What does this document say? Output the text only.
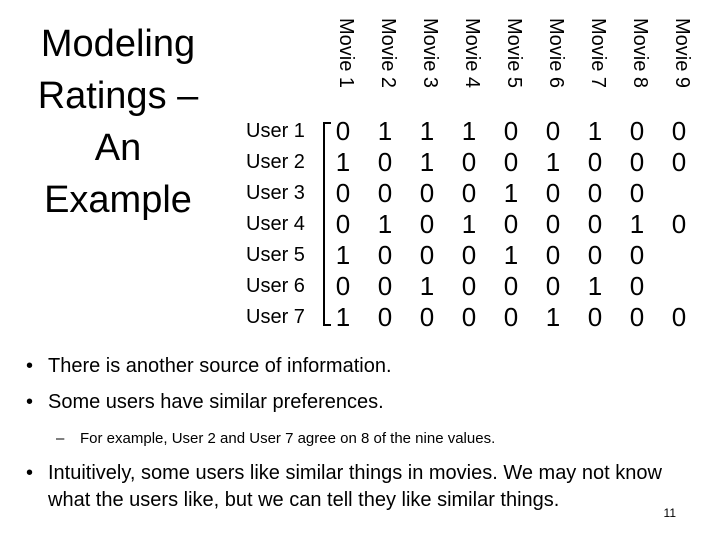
Modeling
Ratings –
An
Example
Movie 1 Movie 2 Movie 3 Movie 4 Movie 5 Movie 6 Movie 7 Movie 8 Movie 9
User 1
User 2
User 3
User 4
User 5
User 6
User 7
0 1 1 1 0 0 1 0 0
1 0 1 0 0 1 0 0 0
0 0 0 0 1 0 0 0
0 1 0 1 0 0 0 1 0
1 0 0 0 1 0 0 0
0 0 1 0 0 0 1 0
1 0 0 0 0 1 0 0 0
• There is another source of information.
• Some users have similar preferences.
– For example, User 2 and User 7 agree on 8 of the nine values.
• Intuitively, some users like similar things in movies. We may not know what the users like, but we can tell they like similar things.
11
